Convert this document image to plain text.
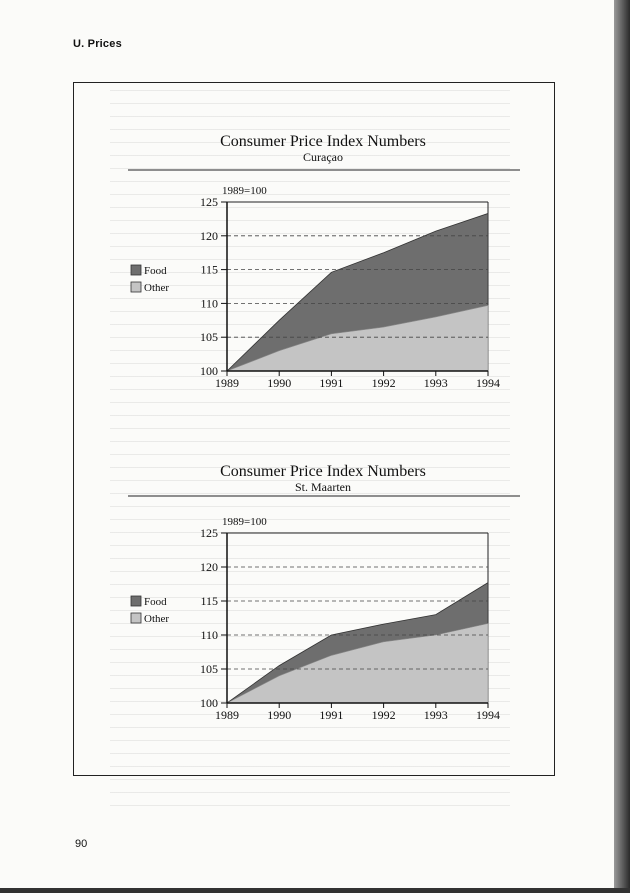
U. Prices
Consumer Price Index Numbers
Curaçao
1989=100
100
105
110
115
120
125
1989 1990 1991 1992 1993 1994
Food
Other
Consumer Price Index Numbers
St. Maarten
1989=100
100
105
110
115
120
125
1989 1990 1991 1992 1993 1994
Food
Other
90
